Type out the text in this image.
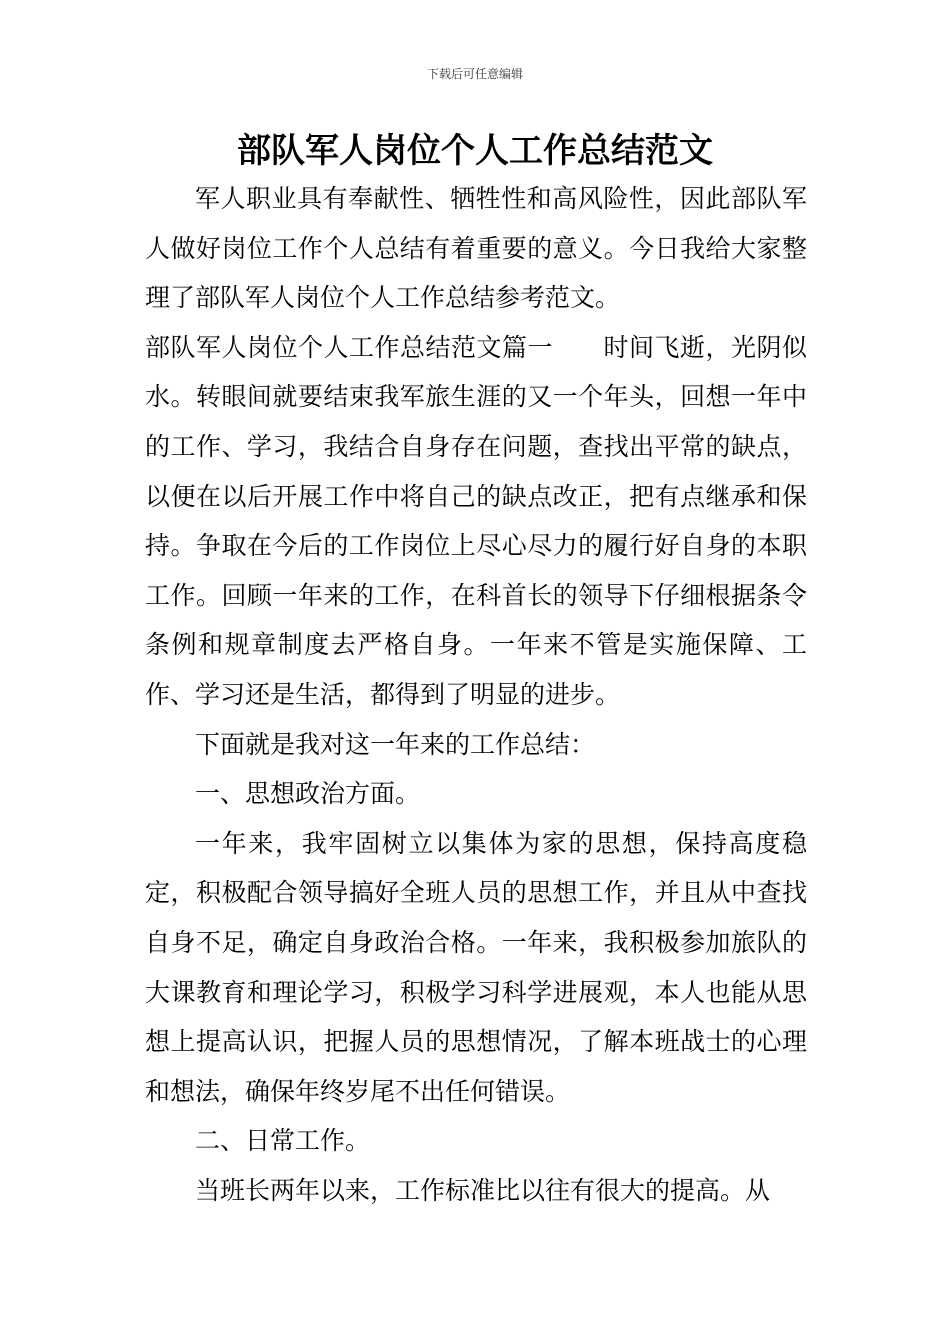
下载后可任意编辑
部队军人岗位个人工作总结范文

军人职业具有奉献性、牺牲性和高风险性，因此部队军人做好岗位工作个人总结有着重要的意义。今日我给大家整理了部队军人岗位个人工作总结参考范文。

部队军人岗位个人工作总结范文篇一 时间飞逝，光阴似水。转眼间就要结束我军旅生涯的又一个年头，回想一年中的工作、学习，我结合自身存在问题，查找出平常的缺点，以便在以后开展工作中将自己的缺点改正，把有点继承和保持。争取在今后的工作岗位上尽心尽力的履行好自身的本职工作。回顾一年来的工作，在科首长的领导下仔细根据条令条例和规章制度去严格自身。一年来不管是实施保障、工作、学习还是生活，都得到了明显的进步。

下面就是我对这一年来的工作总结：

一、思想政治方面。

一年来，我牢固树立以集体为家的思想，保持高度稳定，积极配合领导搞好全班人员的思想工作，并且从中查找自身不足，确定自身政治合格。一年来，我积极参加旅队的大课教育和理论学习，积极学习科学进展观，本人也能从思想上提高认识，把握人员的思想情况，了解本班战士的心理和想法，确保年终岁尾不出任何错误。

二、日常工作。

当班长两年以来，工作标准比以往有很大的提高。从
